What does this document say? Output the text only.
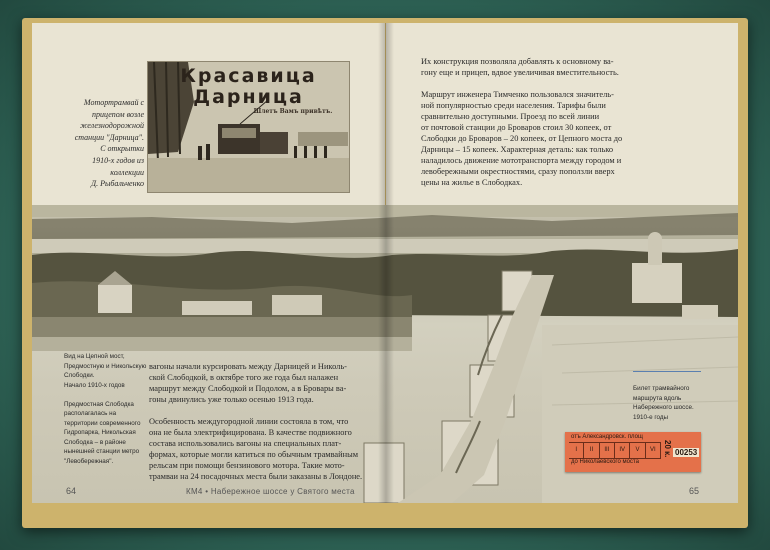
Красавица
Дарница
Шлетъ Вамъ привѣтъ.
Мотортрамвай с
прицепом возле
железнодорожной
станции "Дарница".
С открытки
1910-х годов из
коллекции
Д. Рыбальченко
Их конструкция позволяла добавлять к основному ва-
гону еще и прицеп, вдвое увеличивая вместительность.

Маршрут инженера Тимченко пользовался значитель-
ной популярностью среди населения. Тарифы были
сравнительно доступными. Проезд по всей линии
от почтовой станции до Броваров стоил 30 копеек, от
Слободки до Броваров – 20 копеек, от Цепного моста до
Дарницы – 15 копеек. Характерная деталь: как только
наладилось движение мототранспорта между городом и
левобережными окрестностями, сразу поползли вверх
цены на жилье в Слободках.
Вид на Цепной мост,
Предмостную и Никольскую
Слободки.
Начало 1910-х годов

Предмостная Слободка
располагалась на
территории современного
Гидропарка, Никольская
Слободка – в районе
нынешней станции метро
"Левобережная".
вагоны начали курсировать между Дарницей и Николь-
ской Слободкой, в октябре того же года был налажен
маршрут между Слободкой и Подолом, а в Бровары ва-
гоны двинулись уже только осенью 1913 года.

Особенность междугородной линии состояла в том, что
она не была электрифицирована. В качестве подвижного
состава использовались вагоны на специальных плат-
формах, которые могли катиться по обычным трамвайным
рельсам при помощи бензинового мотора. Такие мото-
трамваи на 24 посадочных места были заказаны в Лондоне.
Билет трамвайного
маршрута вдоль
Набережного шоссе.
1910-е годы
отъ Александровск. площ
I	II	III	IV	V	VI
до Николаевского моста
20 к. 00253
64	КМ4 • Набережное шоссе у Святого места	65
